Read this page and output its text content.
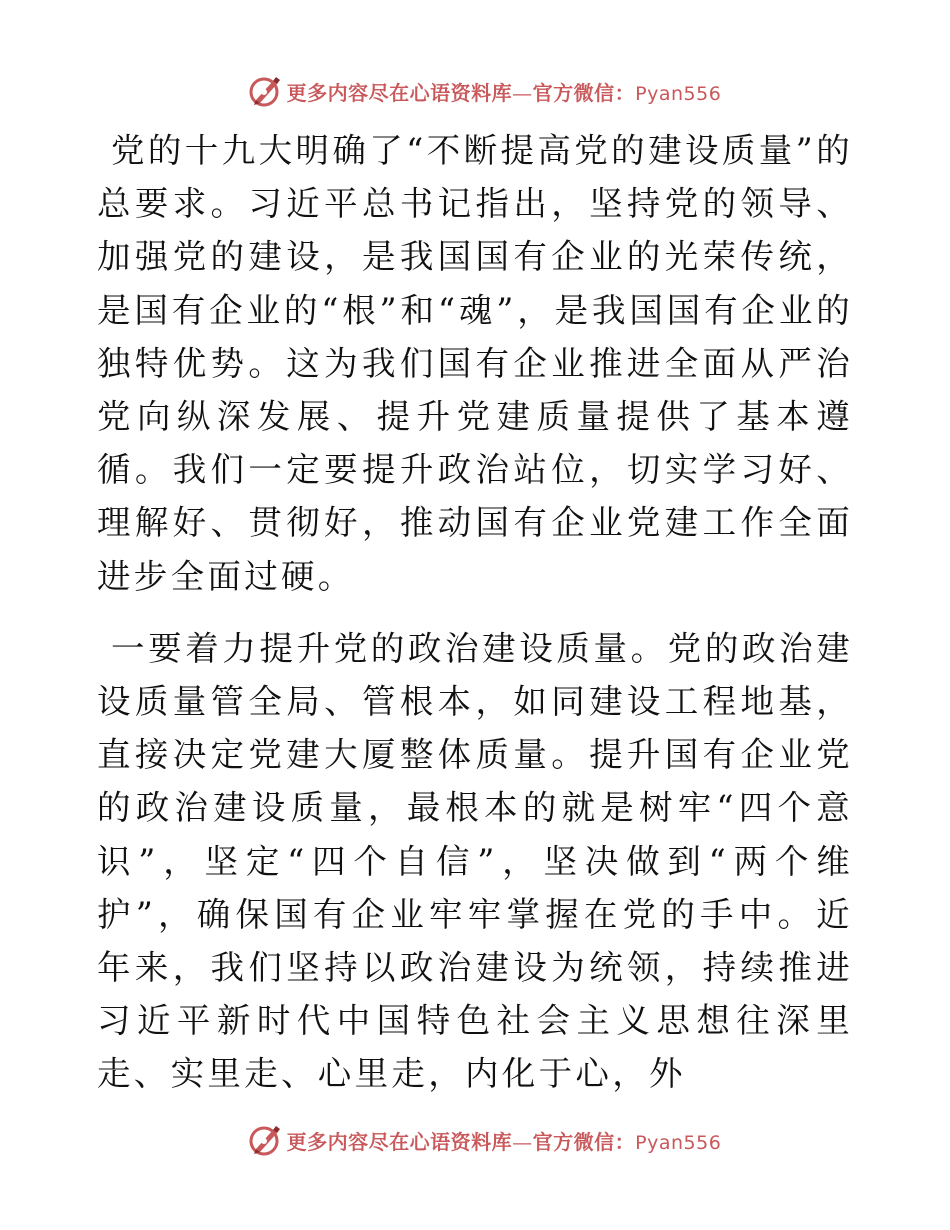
更多内容尽在心语资料库—官方微信：Pyan556

党的十九大明确了“不断提高党的建设质量”的总要求。习近平总书记指出，坚持党的领导、加强党的建设，是我国国有企业的光荣传统，是国有企业的“根”和“魂”，是我国国有企业的独特优势。这为我们国有企业推进全面从严治党向纵深发展、提升党建质量提供了基本遵循。我们一定要提升政治站位，切实学习好、理解好、贯彻好，推动国有企业党建工作全面进步全面过硬。

一要着力提升党的政治建设质量。党的政治建设质量管全局、管根本，如同建设工程地基，直接决定党建大厦整体质量。提升国有企业党的政治建设质量，最根本的就是树牢“四个意识”，坚定“四个自信”，坚决做到“两个维护”，确保国有企业牢牢掌握在党的手中。近年来，我们坚持以政治建设为统领，持续推进习近平新时代中国特色社会主义思想往深里走、实里走、心里走，内化于心，外

更多内容尽在心语资料库—官方微信：Pyan556
